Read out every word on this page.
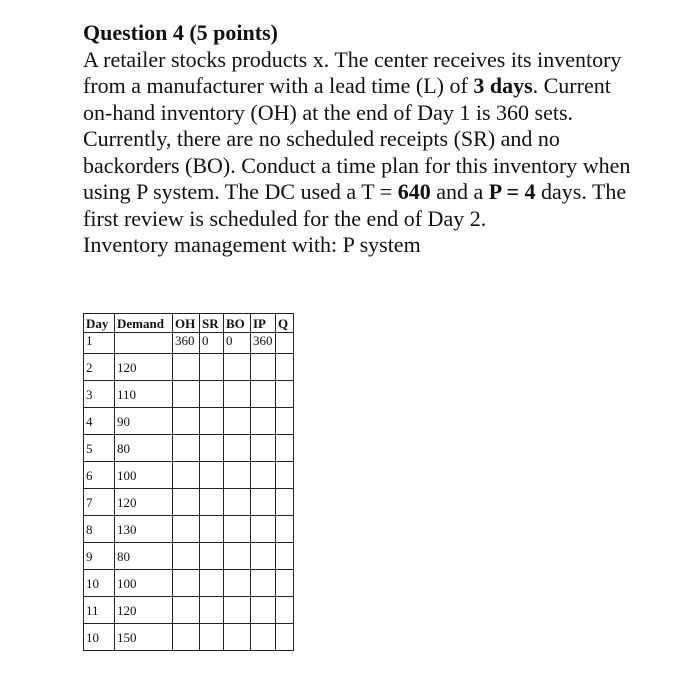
Question 4 (5 points)

A retailer stocks products x. The center receives its inventory from a manufacturer with a lead time (L) of 3 days. Current on-hand inventory (OH) at the end of Day 1 is 360 sets. Currently, there are no scheduled receipts (SR) and no backorders (BO). Conduct a time plan for this inventory when using P system. The DC used a T = 640 and a P = 4 days. The first review is scheduled for the end of Day 2.

Inventory management with: P system

Day	Demand	OH	SR	BO	IP	Q
1		360	0	0	360	
2	120					
3	110					
4	90					
5	80					
6	100					
7	120					
8	130					
9	80					
10	100					
11	120					
10	150					
